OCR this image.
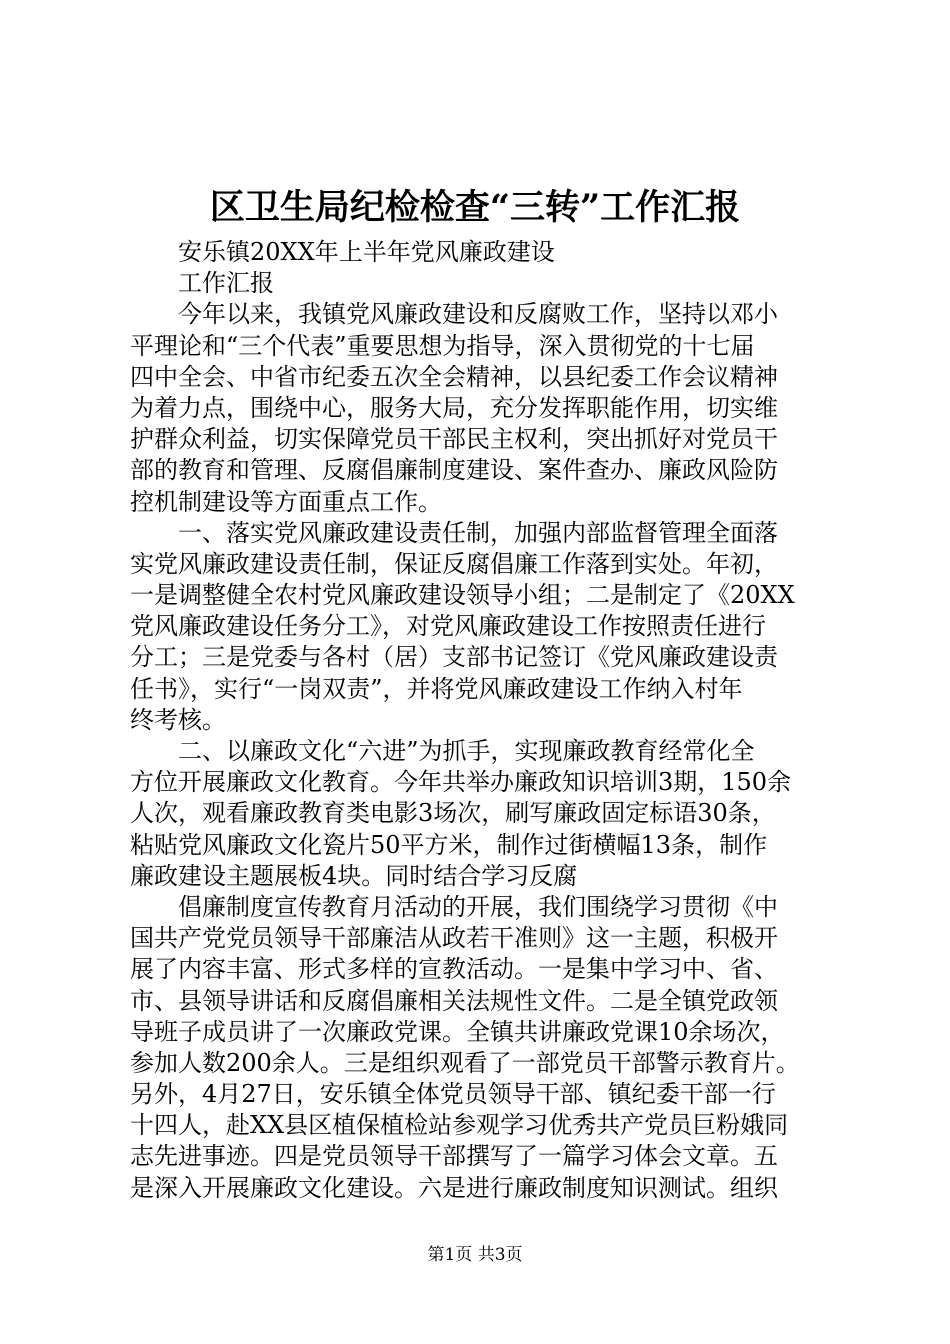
区卫生局纪检检查“三转”工作汇报
安乐镇20XX年上半年党风廉政建设
工作汇报
　　今年以来，我镇党风廉政建设和反腐败工作，坚持以邓小
平理论和“三个代表”重要思想为指导，深入贯彻党的十七届
四中全会、中省市纪委五次全会精神，以县纪委工作会议精神
为着力点，围绕中心，服务大局，充分发挥职能作用，切实维
护群众利益，切实保障党员干部民主权利，突出抓好对党员干
部的教育和管理、反腐倡廉制度建设、案件查办、廉政风险防
控机制建设等方面重点工作。
　　一、落实党风廉政建设责任制，加强内部监督管理全面落
实党风廉政建设责任制，保证反腐倡廉工作落到实处。年初，
一是调整健全农村党风廉政建设领导小组；二是制定了《20XX
党风廉政建设任务分工》，对党风廉政建设工作按照责任进行
分工；三是党委与各村（居）支部书记签订《党风廉政建设责
任书》，实行“一岗双责”，并将党风廉政建设工作纳入村年
终考核。
　　二、以廉政文化“六进”为抓手，实现廉政教育经常化全
方位开展廉政文化教育。今年共举办廉政知识培训3期，150余
人次，观看廉政教育类电影3场次，刷写廉政固定标语30条，
粘贴党风廉政文化瓷片50平方米，制作过街横幅13条，制作
廉政建设主题展板4块。同时结合学习反腐
　　倡廉制度宣传教育月活动的开展，我们围绕学习贯彻《中
国共产党党员领导干部廉洁从政若干准则》这一主题，积极开
展了内容丰富、形式多样的宣教活动。一是集中学习中、省、
市、县领导讲话和反腐倡廉相关法规性文件。二是全镇党政领
导班子成员讲了一次廉政党课。全镇共讲廉政党课10余场次，
参加人数200余人。三是组织观看了一部党员干部警示教育片。
另外，4月27日，安乐镇全体党员领导干部、镇纪委干部一行
十四人，赴XX县区植保植检站参观学习优秀共产党员巨粉娥同
志先进事迹。四是党员领导干部撰写了一篇学习体会文章。五
是深入开展廉政文化建设。六是进行廉政制度知识测试。组织
第1页 共3页
